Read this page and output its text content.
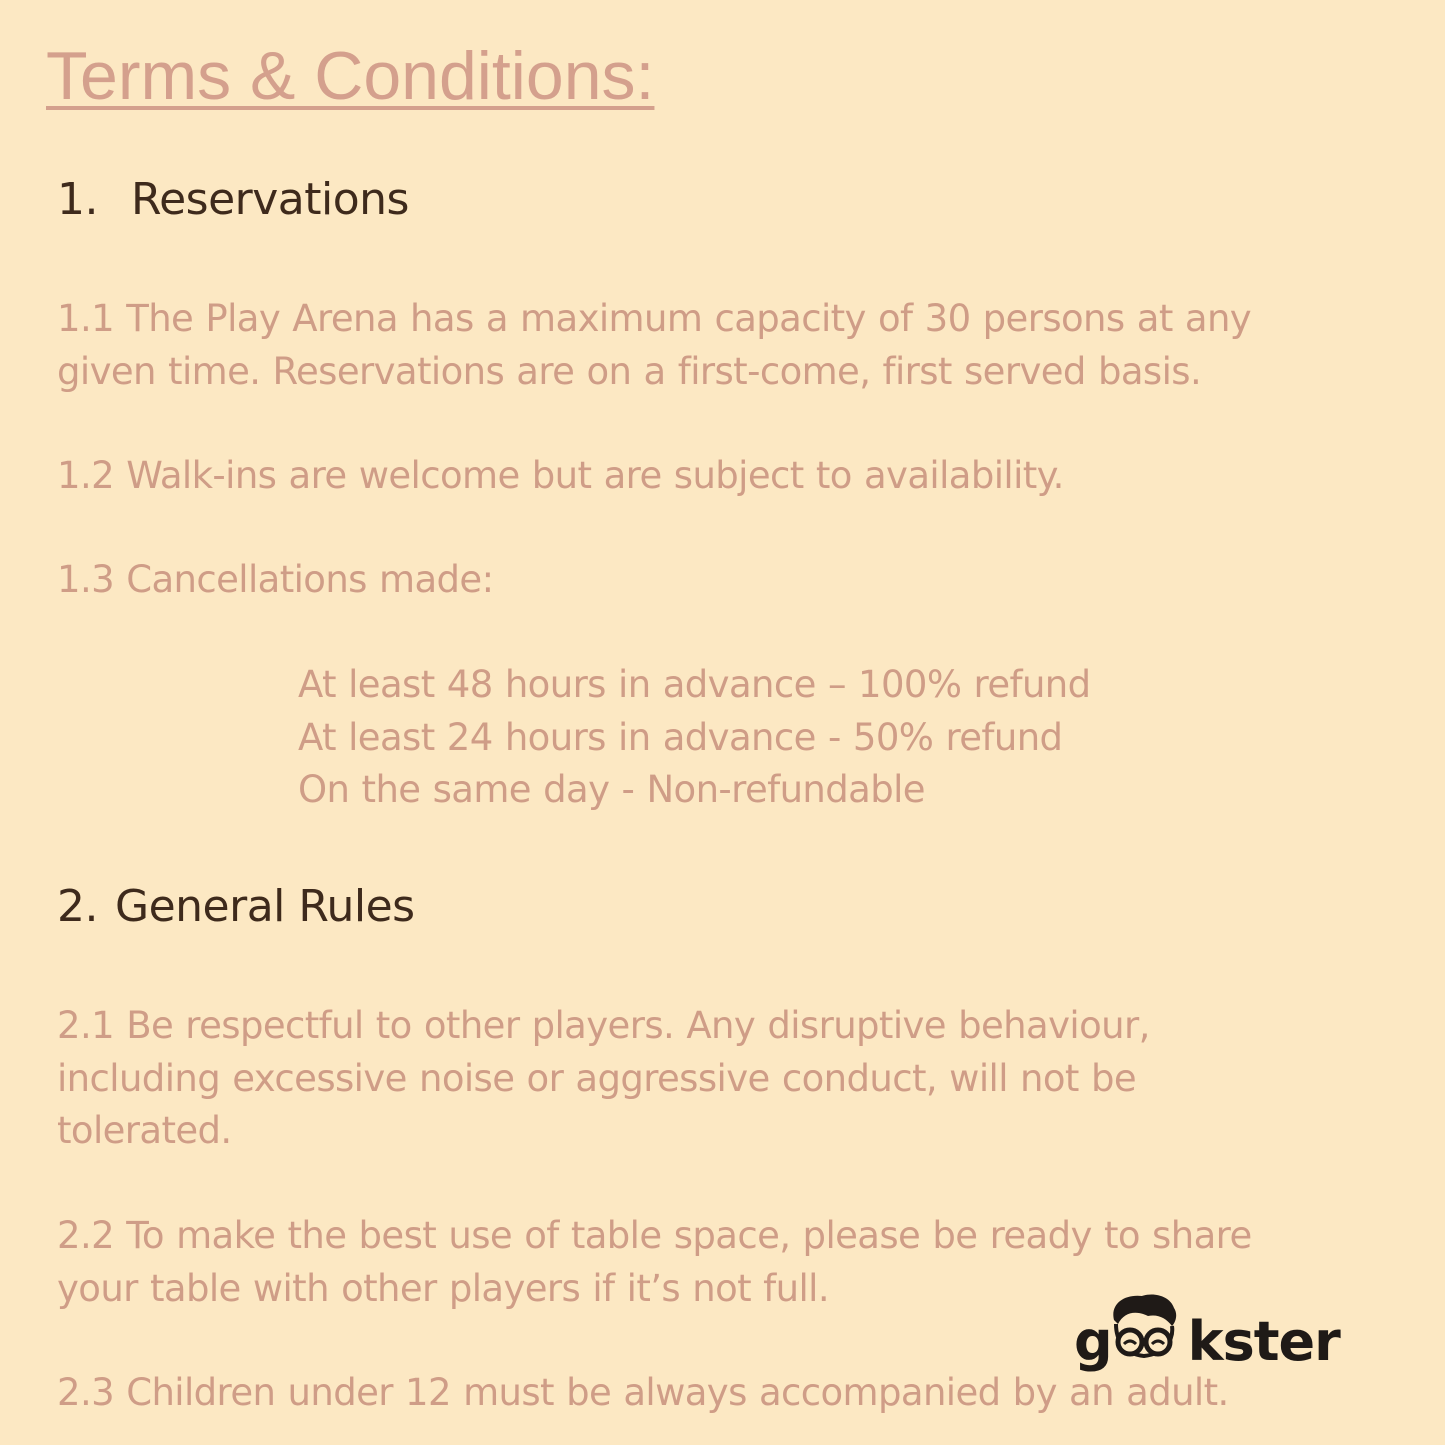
Terms & Conditions:
1. Reservations

1.1 The Play Arena has a maximum capacity of 30 persons at any
given time. Reservations are on a first-come, first served basis.

1.2 Walk-ins are welcome but are subject to availability.

1.3 Cancellations made:

At least 48 hours in advance – 100% refund
At least 24 hours in advance - 50% refund
On the same day - Non-refundable

2. General Rules

2.1 Be respectful to other players. Any disruptive behaviour,
including excessive noise or aggressive conduct, will not be
tolerated.

2.2 To make the best use of table space, please be ready to share
your table with other players if it’s not full.

2.3 Children under 12 must be always accompanied by an adult.

g kster
